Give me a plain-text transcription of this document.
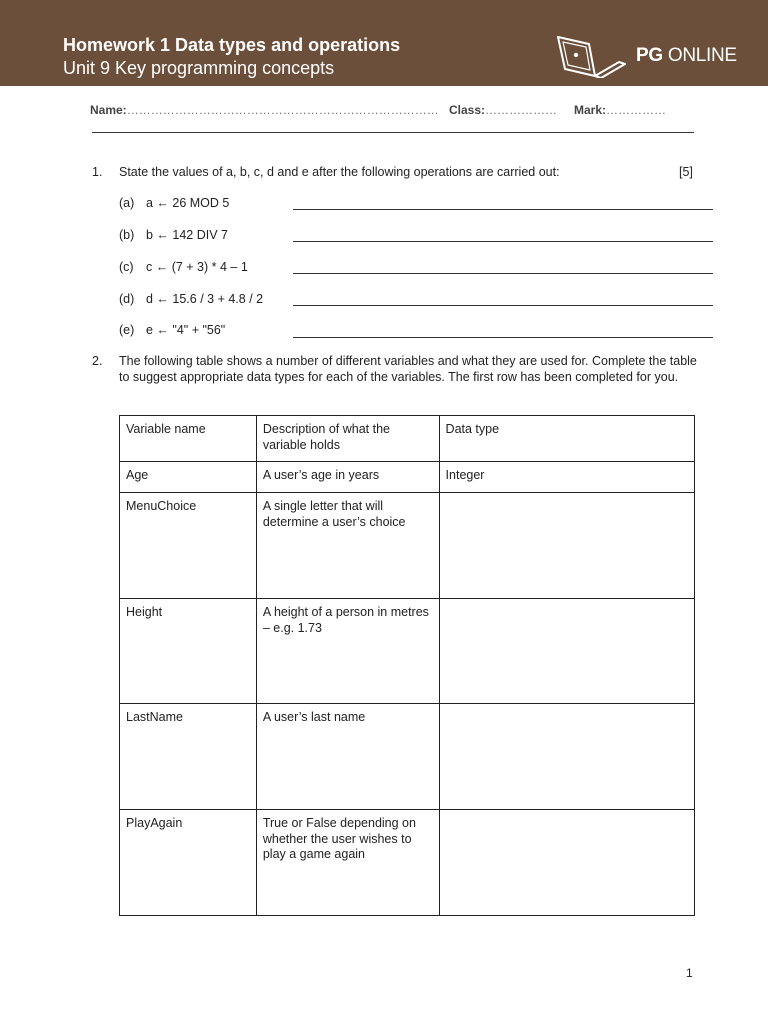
Homework 1 Data types and operations
Unit 9 Key programming concepts
PG ONLINE
Name:…………………………………………………………………… Class:……………… Mark:……………
1. State the values of a, b, c, d and e after the following operations are carried out:	[5]
(a) a ← 26 MOD 5
(b) b ← 142 DIV 7
(c) c ← (7 + 3) * 4 – 1
(d) d ← 15.6 / 3 + 4.8 / 2
(e) e ← "4" + "56"
2. The following table shows a number of different variables and what they are used for. Complete the table to suggest appropriate data types for each of the variables. The first row has been completed for you.
Variable name	Description of what the variable holds	Data type
Age	A user’s age in years	Integer
MenuChoice	A single letter that will determine a user’s choice	
Height	A height of a person in metres – e.g. 1.73	
LastName	A user’s last name	
PlayAgain	True or False depending on whether the user wishes to play a game again	
1
